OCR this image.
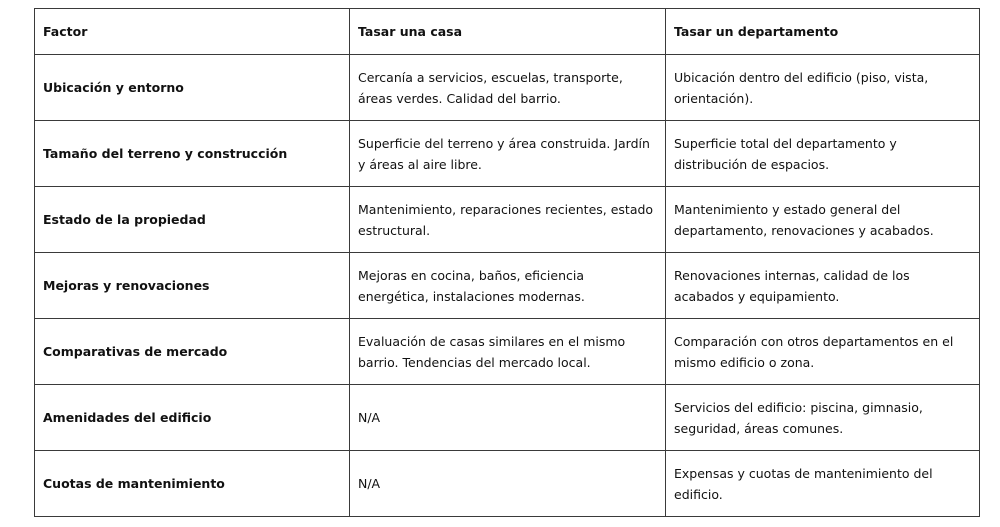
Factor	Tasar una casa	Tasar un departamento
Ubicación y entorno	Cercanía a servicios, escuelas, transporte, áreas verdes. Calidad del barrio.	Ubicación dentro del edificio (piso, vista, orientación).
Tamaño del terreno y construcción	Superficie del terreno y área construida. Jardín y áreas al aire libre.	Superficie total del departamento y distribución de espacios.
Estado de la propiedad	Mantenimiento, reparaciones recientes, estado estructural.	Mantenimiento y estado general del departamento, renovaciones y acabados.
Mejoras y renovaciones	Mejoras en cocina, baños, eficiencia energética, instalaciones modernas.	Renovaciones internas, calidad de los acabados y equipamiento.
Comparativas de mercado	Evaluación de casas similares en el mismo barrio. Tendencias del mercado local.	Comparación con otros departamentos en el mismo edificio o zona.
Amenidades del edificio	N/A	Servicios del edificio: piscina, gimnasio, seguridad, áreas comunes.
Cuotas de mantenimiento	N/A	Expensas y cuotas de mantenimiento del edificio.
